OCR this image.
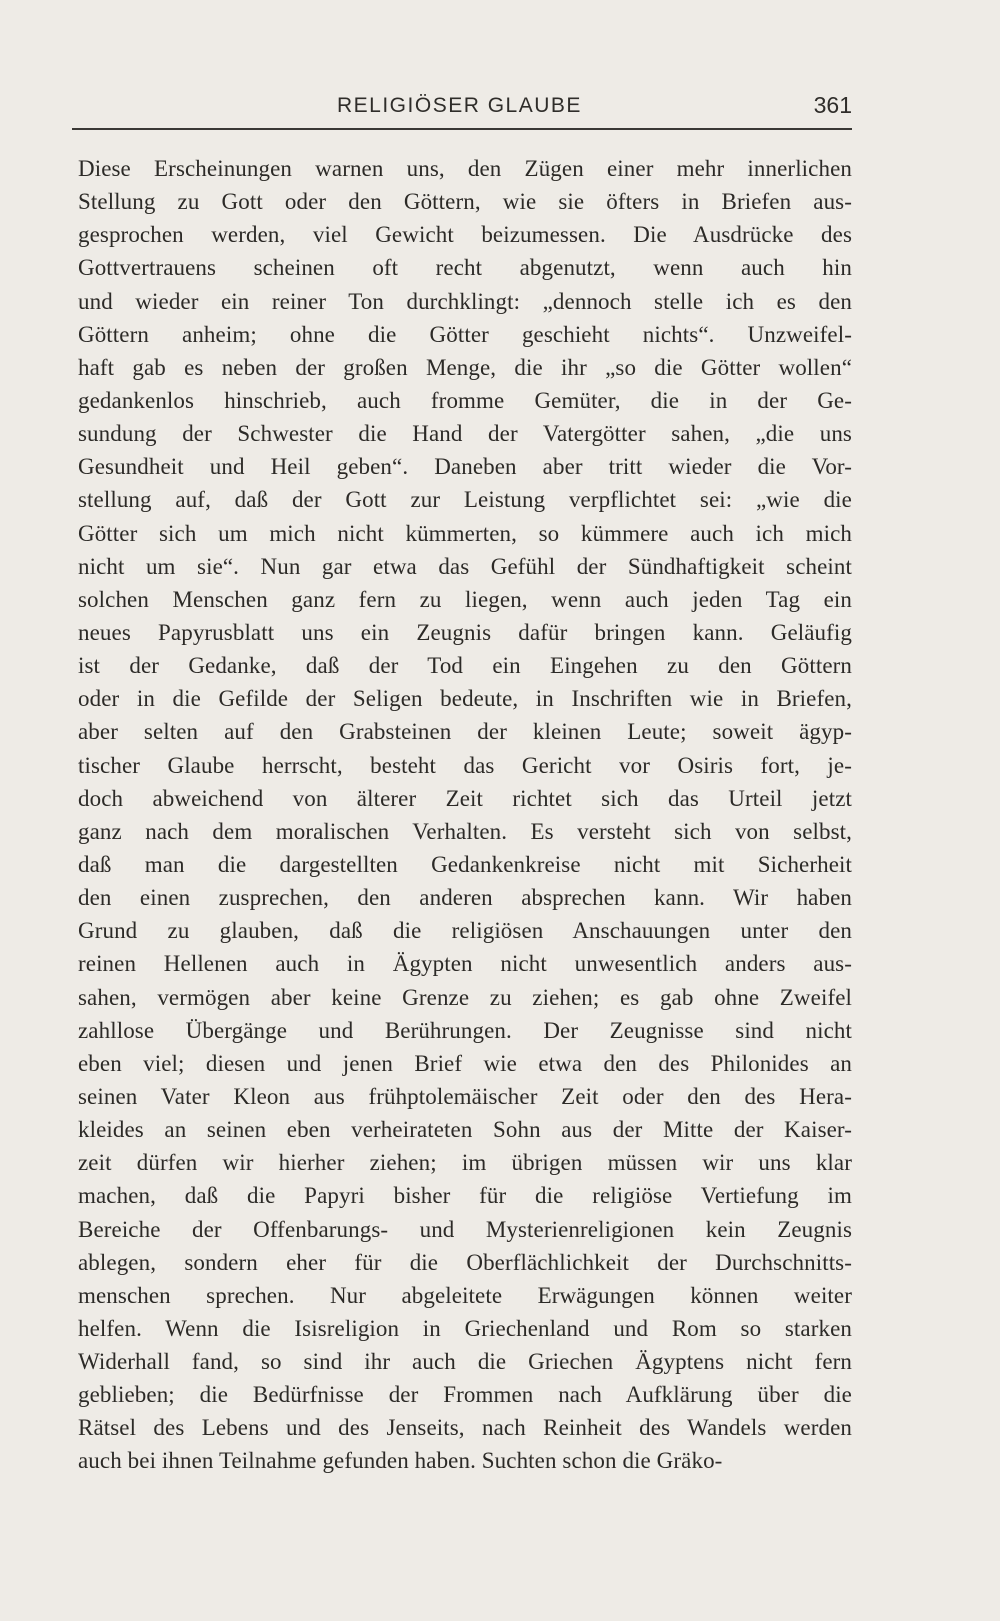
RELIGIÖSER GLAUBE	361
Diese Erscheinungen warnen uns, den Zügen einer mehr innerlichen
Stellung zu Gott oder den Göttern, wie sie öfters in Briefen aus-
gesprochen werden, viel Gewicht beizumessen. Die Ausdrücke des
Gottvertrauens scheinen oft recht abgenutzt, wenn auch hin
und wieder ein reiner Ton durchklingt: „dennoch stelle ich es den
Göttern anheim; ohne die Götter geschieht nichts“. Unzweifel-
haft gab es neben der großen Menge, die ihr „so die Götter wollen“
gedankenlos hinschrieb, auch fromme Gemüter, die in der Ge-
sundung der Schwester die Hand der Vatergötter sahen, „die uns
Gesundheit und Heil geben“. Daneben aber tritt wieder die Vor-
stellung auf, daß der Gott zur Leistung verpflichtet sei: „wie die
Götter sich um mich nicht kümmerten, so kümmere auch ich mich
nicht um sie“. Nun gar etwa das Gefühl der Sündhaftigkeit scheint
solchen Menschen ganz fern zu liegen, wenn auch jeden Tag ein
neues Papyrusblatt uns ein Zeugnis dafür bringen kann. Geläufig
ist der Gedanke, daß der Tod ein Eingehen zu den Göttern
oder in die Gefilde der Seligen bedeute, in Inschriften wie in Briefen,
aber selten auf den Grabsteinen der kleinen Leute; soweit ägyp-
tischer Glaube herrscht, besteht das Gericht vor Osiris fort, je-
doch abweichend von älterer Zeit richtet sich das Urteil jetzt
ganz nach dem moralischen Verhalten. Es versteht sich von selbst,
daß man die dargestellten Gedankenkreise nicht mit Sicherheit
den einen zusprechen, den anderen absprechen kann. Wir haben
Grund zu glauben, daß die religiösen Anschauungen unter den
reinen Hellenen auch in Ägypten nicht unwesentlich anders aus-
sahen, vermögen aber keine Grenze zu ziehen; es gab ohne Zweifel
zahllose Übergänge und Berührungen. Der Zeugnisse sind nicht
eben viel; diesen und jenen Brief wie etwa den des Philonides an
seinen Vater Kleon aus frühptolemäischer Zeit oder den des Hera-
kleides an seinen eben verheirateten Sohn aus der Mitte der Kaiser-
zeit dürfen wir hierher ziehen; im übrigen müssen wir uns klar
machen, daß die Papyri bisher für die religiöse Vertiefung im
Bereiche der Offenbarungs- und Mysterienreligionen kein Zeugnis
ablegen, sondern eher für die Oberflächlichkeit der Durchschnitts-
menschen sprechen. Nur abgeleitete Erwägungen können weiter
helfen. Wenn die Isisreligion in Griechenland und Rom so starken
Widerhall fand, so sind ihr auch die Griechen Ägyptens nicht fern
geblieben; die Bedürfnisse der Frommen nach Aufklärung über die
Rätsel des Lebens und des Jenseits, nach Reinheit des Wandels werden
auch bei ihnen Teilnahme gefunden haben. Suchten schon die Gräko-
